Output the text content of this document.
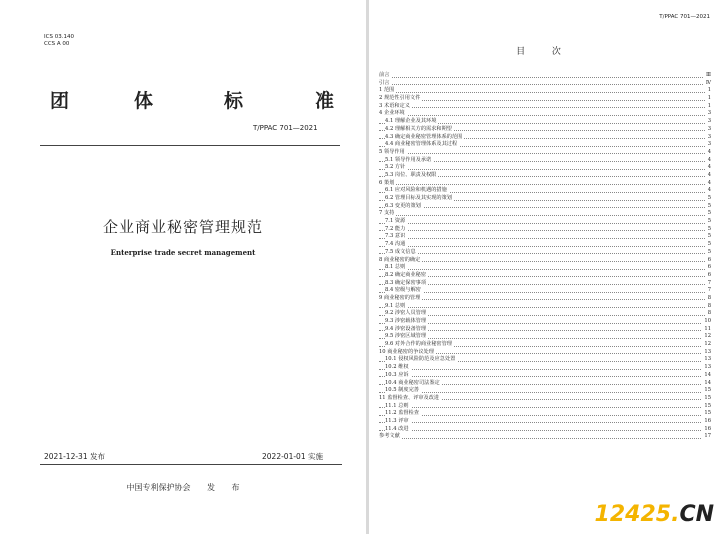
ICS 03.140
CCS A 00
团	体	标	准
T/PPAC 701—2021
企业商业秘密管理规范
Enterprise trade secret management
2021-12-31 发布	2022-01-01 实施
中国专利保护协会 发 布
T/PPAC 701—2021
目 次
前言	Ⅲ
引言	Ⅳ
1 范围	1
2 规范性引用文件	1
3 术语和定义	1
4 企业环境	3
4.1 理解企业及其环境	3
4.2 理解相关方的需求和期望	3
4.3 确定商业秘密管理体系的范围	3
4.4 商业秘密管理体系及其过程	3
5 领导作用	4
5.1 领导作用及承诺	4
5.2 方针	4
5.3 岗位、职责及权限	4
6 策划	4
6.1 应对风险和机遇的措施	4
6.2 管理目标及其实现的策划	5
6.3 变更的策划	5
7 支持	5
7.1 资源	5
7.2 能力	5
7.3 意识	5
7.4 沟通	5
7.5 成文信息	5
8 商业秘密的确定	6
8.1 总则	6
8.2 确定商业秘密	6
8.3 确定保密事项	7
8.4 密级与解密	7
9 商业秘密的管理	8
9.1 总则	8
9.2 涉密人员管理	8
9.3 涉密载体管理	10
9.4 涉密设备管理	11
9.5 涉密区域管理	12
9.6 对外合作的商业秘密管理	12
10 商业秘密的争议处理	13
10.1 侵权风险防范及应急处置	13
10.2 维权	13
10.3 应诉	14
10.4 商业秘密司法鉴定	14
10.5 制度完善	15
11 监督检查、评审及改进	15
11.1 总则	15
11.2 监督检查	15
11.3 评审	16
11.4 改进	16
参考文献	17
12425.CN
